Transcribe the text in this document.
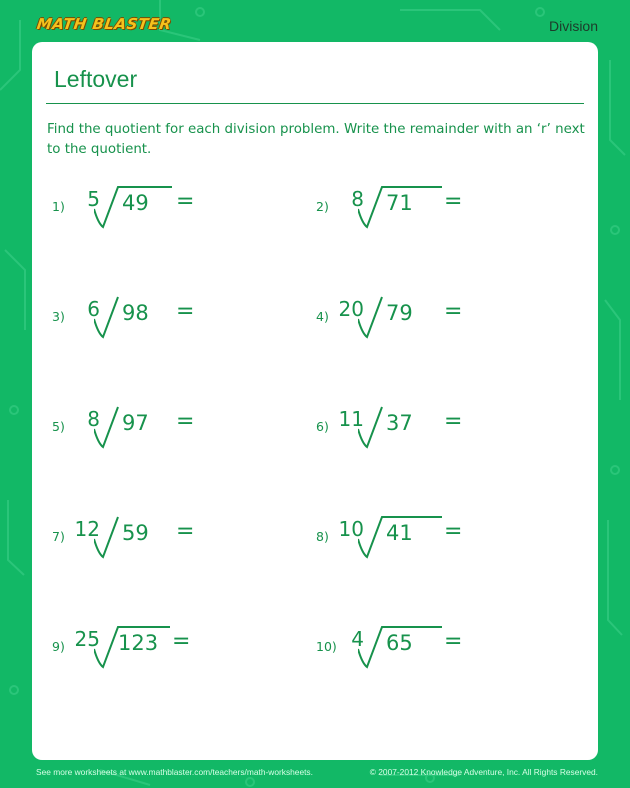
MATH BLASTER	Division
Leftover
Find the quotient for each division problem. Write the remainder with an ‘r’ next to the quotient.
1)	5 49 =	2)	8 71 =
3)	6 98 =	4) 20 79 =
5)	8 97 =	6) 11 37 =
7) 12 59 =	8) 10 41 =
9) 25 123 =	10) 4 65 =
See more worksheets at www.mathblaster.com/teachers/math-worksheets.	© 2007-2012 Knowledge Adventure, Inc. All Rights Reserved.
